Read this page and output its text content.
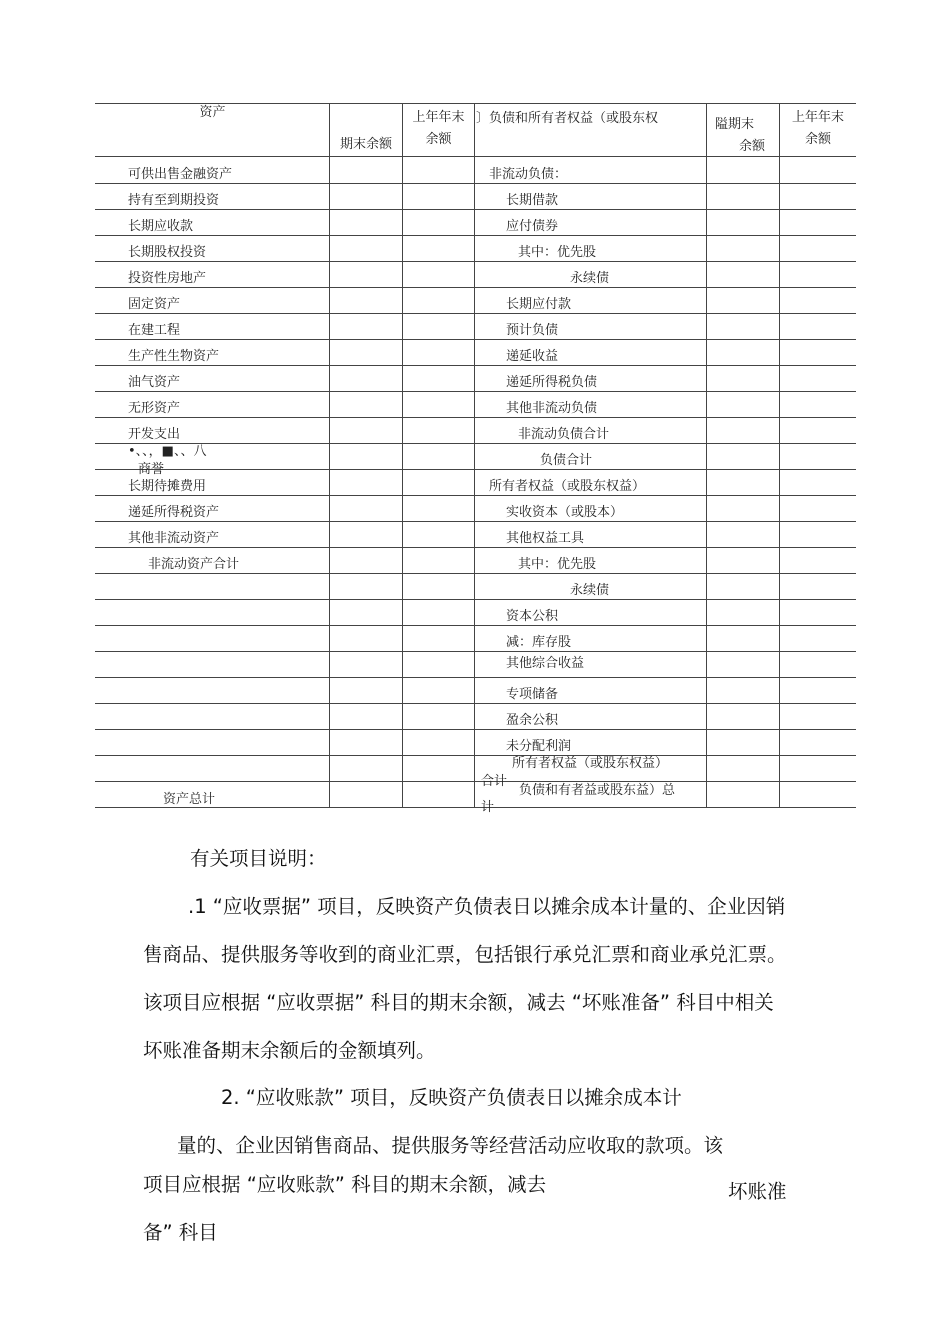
资产
期末余额
上年年末
余额
〕负债和所有者权益（或股东权	隘期末
余额
上年年末
余额
可供出售金融资产
持有至到期投资
长期应收款
长期股权投资
投资性房地产
固定资产
在建工程
生产性生物资产
油气资产
无形资产
开发支出
•、、，■、、八
商誉
长期待摊费用
递延所得税资产
其他非流动资产
非流动资产合计
资产总计
非流动负债：
长期借款
应付债券
其中：优先股
永续债
长期应付款
预计负债
递延收益
递延所得税负债
其他非流动负债
非流动负债合计
负债合计
所有者权益（或股东权益）
实收资本（或股本）
其他权益工具
其中：优先股
永续债
资本公积
减：库存股
其他综合收益
专项储备
盈余公积
未分配利润
所有者权益（或股东权益）
合计
负债和有者益或股东益）总
计
有关项目说明：
.1 “应收票据” 项目，反映资产负债表日以摊余成本计量的、企业因销
售商品、提供服务等收到的商业汇票，包括银行承兑汇票和商业承兑汇票。
该项目应根据 “应收票据” 科目的期末余额，减去 “坏账准备” 科目中相关
坏账准备期末余额后的金额填列。
2. “应收账款” 项目，反映资产负债表日以摊余成本计
量的、企业因销售商品、提供服务等经营活动应收取的款项。该
项目应根据 “应收账款” 科目的期末余额，减去	坏账准
备” 科目
